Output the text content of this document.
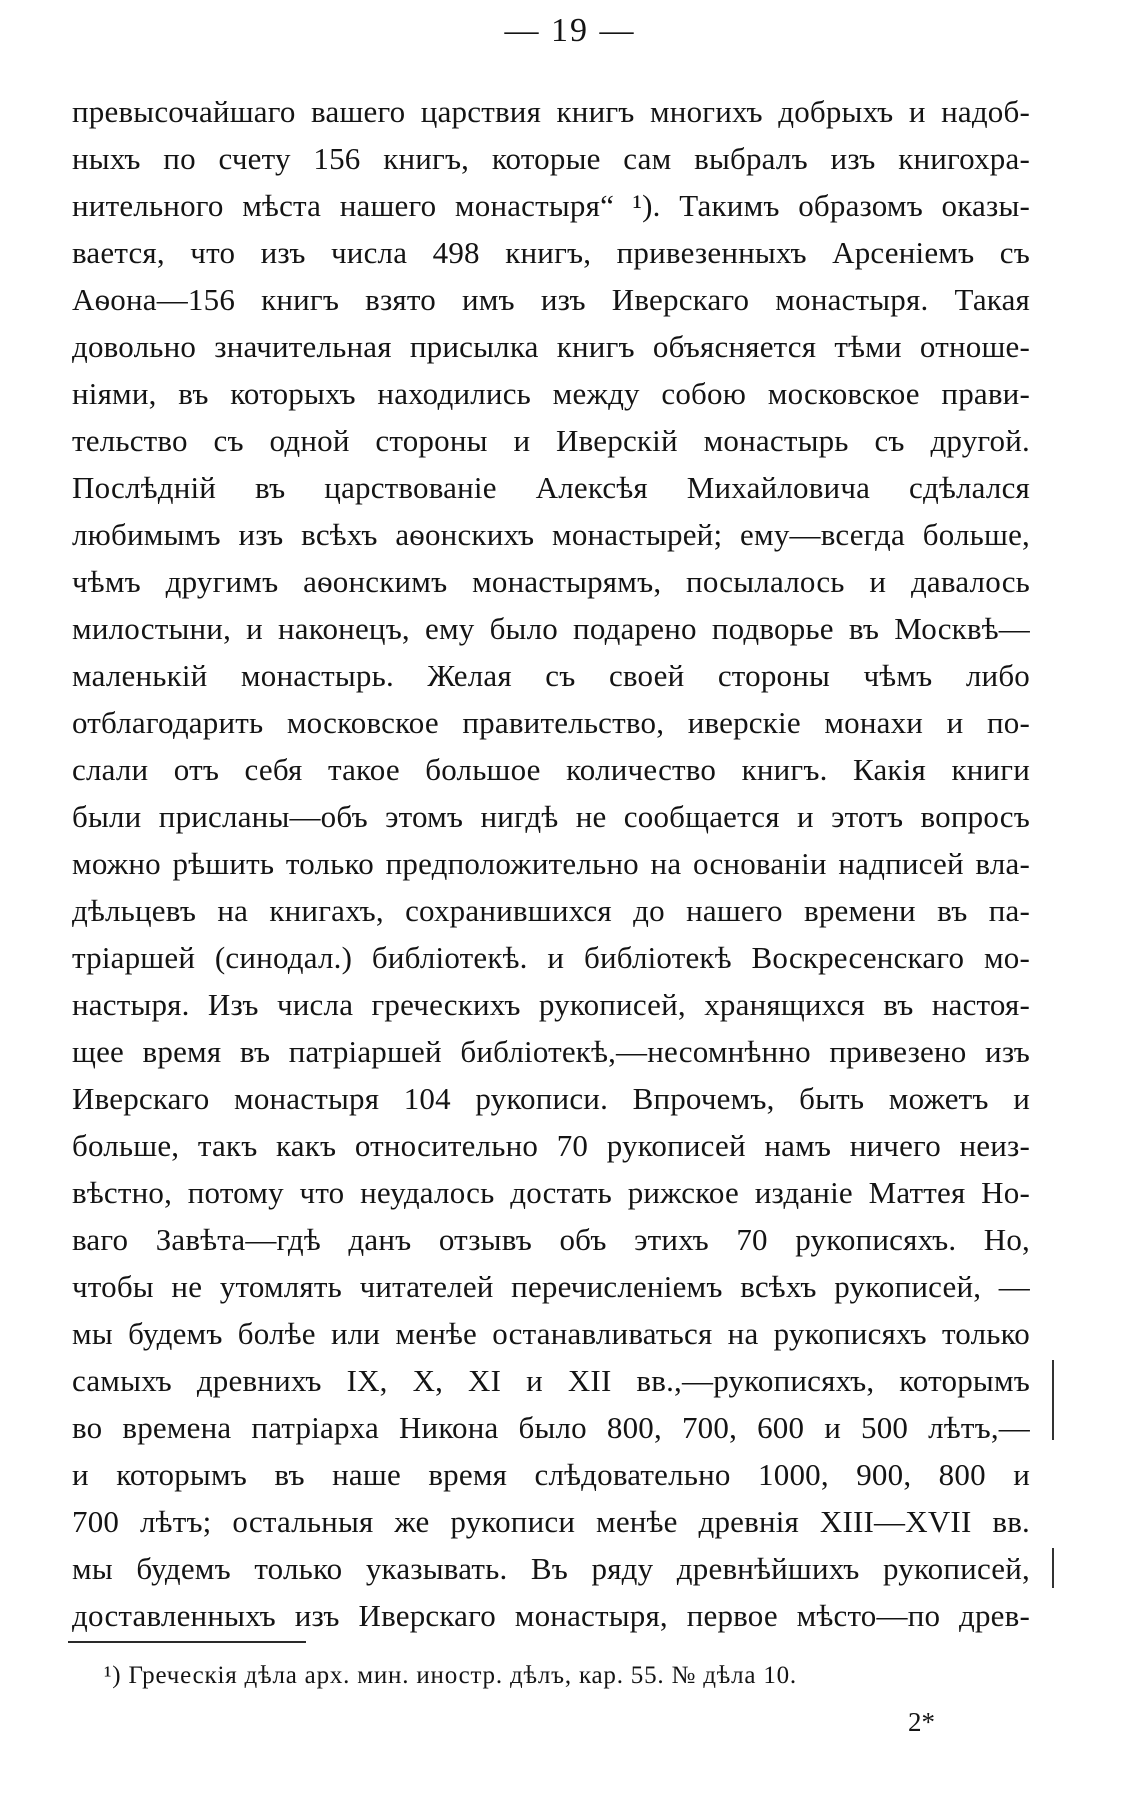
— 19 —
превысочайшаго вашего царствия книгъ многихъ добрыхъ и надоб-
ныхъ по счету 156 книгъ, которые сам выбралъ изъ книгохра-
нительного мѣста нашего монастыря“ ¹). Такимъ образомъ оказы-
вается, что изъ числа 498 книгъ, привезенныхъ Арсеніемъ съ
Аѳона—156 книгъ взято имъ изъ Иверскаго монастыря. Такая
довольно значительная присылка книгъ объясняется тѣми отноше-
ніями, въ которыхъ находились между собою московское прави-
тельство съ одной стороны и Иверскій монастырь съ другой.
Послѣдній въ царствованіе Алексѣя Михайловича сдѣлался
любимымъ изъ всѣхъ аѳонскихъ монастырей; ему—всегда больше,
чѣмъ другимъ аѳонскимъ монастырямъ, посылалось и давалось
милостыни, и наконецъ, ему было подарено подворье въ Москвѣ—
маленькій монастырь. Желая съ своей стороны чѣмъ либо
отблагодарить московское правительство, иверскіе монахи и по-
слали отъ себя такое большое количество книгъ. Какія книги
были присланы—объ этомъ нигдѣ не сообщается и этотъ вопросъ
можно рѣшить только предположительно на основаніи надписей вла-
дѣльцевъ на книгахъ, сохранившихся до нашего времени въ па-
тріаршей (синодал.) библіотекѣ. и библіотекѣ Воскресенскаго мо-
настыря. Изъ числа греческихъ рукописей, хранящихся въ настоя-
щее время въ патріаршей библіотекѣ,—несомнѣнно привезено изъ
Иверскаго монастыря 104 рукописи. Впрочемъ, быть можетъ и
больше, такъ какъ относительно 70 рукописей намъ ничего неиз-
вѣстно, потому что неудалось достать рижское изданіе Маттея Но-
ваго Завѣта—гдѣ данъ отзывъ объ этихъ 70 рукописяхъ. Но,
чтобы не утомлять читателей перечисленіемъ всѣхъ рукописей, —
мы будемъ болѣе или менѣе останавливаться на рукописяхъ только
самыхъ древнихъ IX, X, XI и XII вв.,—рукописяхъ, которымъ
во времена патріарха Никона было 800, 700, 600 и 500 лѣтъ,—
и которымъ въ наше время слѣдовательно 1000, 900, 800 и
700 лѣтъ; остальныя же рукописи менѣе древнія XIII—XVII вв.
мы будемъ только указывать. Въ ряду древнѣйшихъ рукописей,
доставленныхъ изъ Иверскаго монастыря, первое мѣсто—по древ-
¹) Греческія дѣла арх. мин. иностр. дѣлъ, кар. 55. № дѣла 10.
2*
